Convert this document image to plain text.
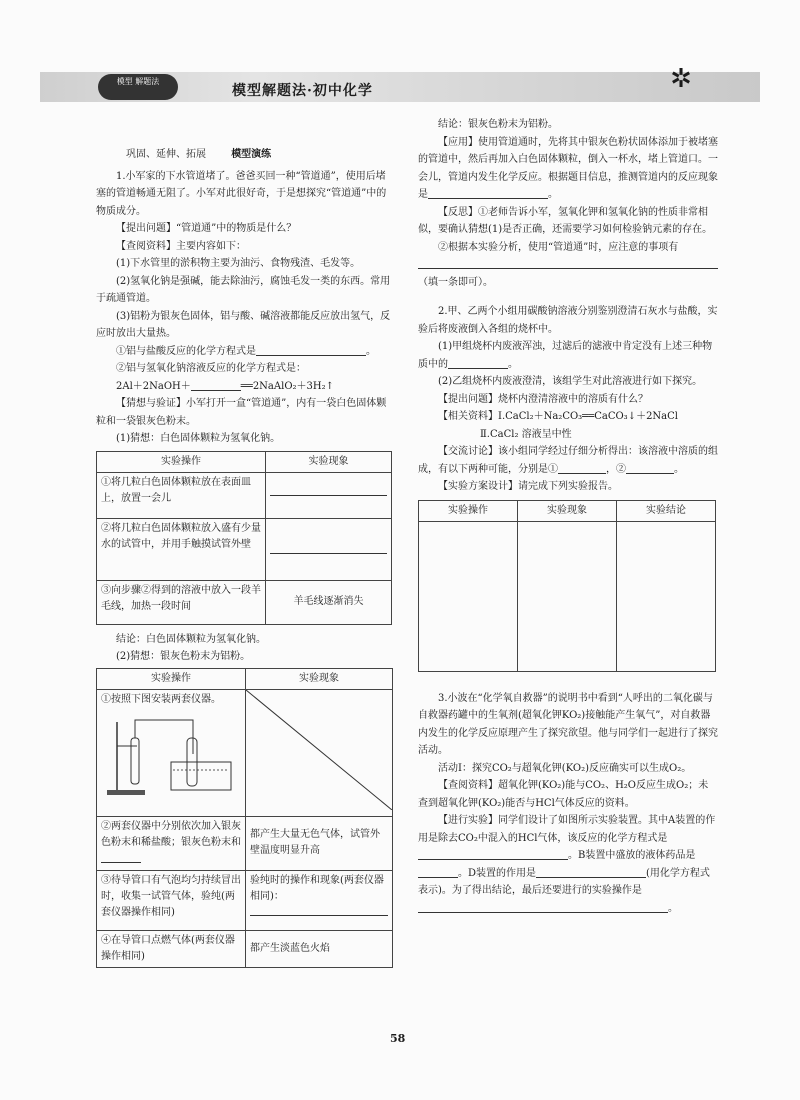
模型 解题法
模型解题法·初中化学	✲
巩固、延伸、拓展	模型演练

1.小军家的下水管道堵了。爸爸买回一种“管道通”，使用后堵塞的管道畅通无阻了。小军对此很好奇，于是想探究“管道通”中的物质成分。

【提出问题】“管道通”中的物质是什么？

【查阅资料】主要内容如下：

(1)下水管里的淤积物主要为油污、食物残渣、毛发等。

(2)氢氧化钠是强碱，能去除油污，腐蚀毛发一类的东西。常用于疏通管道。

(3)铝粉为银灰色固体，铝与酸、碱溶液都能反应放出氢气，反应时放出大量热。

①铝与盐酸反应的化学方程式是	。

②铝与氢氧化钠溶液反应的化学方程式是：

2Al＋2NaOH＋	══2NaAlO₂＋3H₂↑

【猜想与验证】小军打开一盒“管道通”，内有一袋白色固体颗粒和一袋银灰色粉末。

(1)猜想：白色固体颗粒为氢氧化钠。

实验操作	实验现象
①将几粒白色固体颗粒放在表面皿上，放置一会儿	

②将几粒白色固体颗粒放入盛有少量水的试管中，并用手触摸试管外壁	

③向步骤②得到的溶液中放入一段羊毛线，加热一段时间	羊毛线逐渐消失

结论：白色固体颗粒为氢氧化钠。

(2)猜想：银灰色粉末为铝粉。

实验操作	实验现象

①按照下图安装两套仪器。

②两套仪器中分别依次加入银灰色粉末和稀盐酸；银灰色粉末和	都产生大量无色气体，试管外壁温度明显升高
③待导管口有气泡均匀持续冒出时，收集一试管气体，验纯(两套仪器操作相同)	验纯时的操作和现象(两套仪器相同)：

④在导管口点燃气体(两套仪器操作相同)	都产生淡蓝色火焰

结论：银灰色粉末为铝粉。

【应用】使用管道通时，先将其中银灰色粉状固体添加于被堵塞的管道中，然后再加入白色固体颗粒，倒入一杯水，堵上管道口。一会儿，管道内发生化学反应。根据题目信息，推测管道内的反应现象是	。

【反思】①老师告诉小军，氢氧化钾和氢氧化钠的性质非常相似，要确认猜想(1)是否正确，还需要学习如何检验钠元素的存在。

②根据本实验分析，使用“管道通”时，应注意的事项有（填一条即可）。

2.甲、乙两个小组用碳酸钠溶液分别鉴别澄清石灰水与盐酸，实验后将废液倒入各组的烧杯中。

(1)甲组烧杯内废液浑浊，过滤后的滤液中肯定没有上述三种物质中的	。

(2)乙组烧杯内废液澄清，该组学生对此溶液进行如下探究。

【提出问题】烧杯内澄清溶液中的溶质有什么？

【相关资料】Ⅰ.CaCl₂＋Na₂CO₃══CaCO₃↓＋2NaCl

Ⅱ.CaCl₂ 溶液呈中性

【交流讨论】该小组同学经过仔细分析得出：该溶液中溶质的组成，有以下两种可能，分别是①	，②	。

【实验方案设计】请完成下列实验报告。

实验操作	实验现象	实验结论

3.小波在“化学氧自救器”的说明书中看到“人呼出的二氧化碳与自救器药罐中的生氧剂(超氧化钾KO₂)接触能产生氧气”，对自救器内发生的化学反应原理产生了探究欲望。他与同学们一起进行了探究活动。

活动Ⅰ：探究CO₂与超氧化钾(KO₂)反应确实可以生成O₂。

【查阅资料】超氧化钾(KO₂)能与CO₂、H₂O反应生成O₂；未查到超氧化钾(KO₂)能否与HCl气体反应的资料。

【进行实验】同学们设计了如图所示实验装置。其中A装置的作用是除去CO₂中混入的HCl气体，该反应的化学方程式是。B装置中盛放的液体药品是。D装置的作用是	(用化学方程式表示)。为了得出结论，最后还要进行的实验操作是。

58
